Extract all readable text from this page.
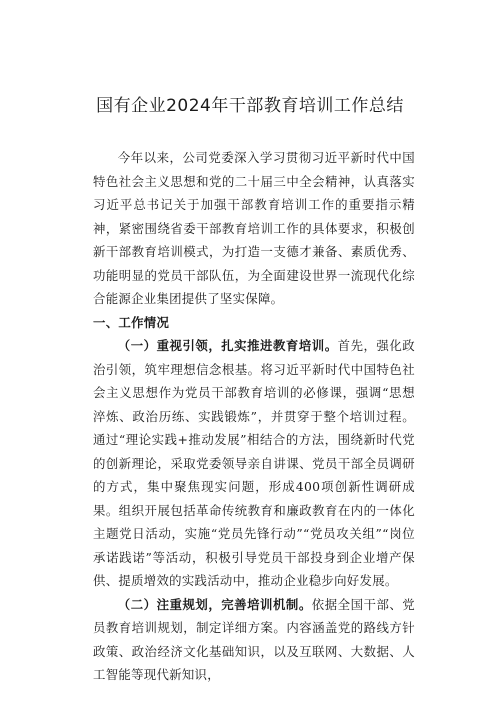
国有企业2024年干部教育培训工作总结

今年以来，公司党委深入学习贯彻习近平新时代中国特色社会主义思想和党的二十届三中全会精神，认真落实习近平总书记关于加强干部教育培训工作的重要指示精神，紧密围绕省委干部教育培训工作的具体要求，积极创新干部教育培训模式，为打造一支德才兼备、素质优秀、功能明显的党员干部队伍，为全面建设世界一流现代化综合能源企业集团提供了坚实保障。

一、工作情况

（一）重视引领，扎实推进教育培训。首先，强化政治引领，筑牢理想信念根基。将习近平新时代中国特色社会主义思想作为党员干部教育培训的必修课，强调“思想淬炼、政治历练、实践锻炼”，并贯穿于整个培训过程。通过“理论实践+推动发展”相结合的方法，围绕新时代党的创新理论，采取党委领导亲自讲课、党员干部全员调研的方式，集中聚焦现实问题，形成400项创新性调研成果。组织开展包括革命传统教育和廉政教育在内的一体化主题党日活动，实施“党员先锋行动”“党员攻关组”“岗位承诺践诺”等活动，积极引导党员干部投身到企业增产保供、提质增效的实践活动中，推动企业稳步向好发展。

（二）注重规划，完善培训机制。依据全国干部、党员教育培训规划，制定详细方案。内容涵盖党的路线方针政策、政治经济文化基础知识，以及互联网、大数据、人工智能等现代新知识，
